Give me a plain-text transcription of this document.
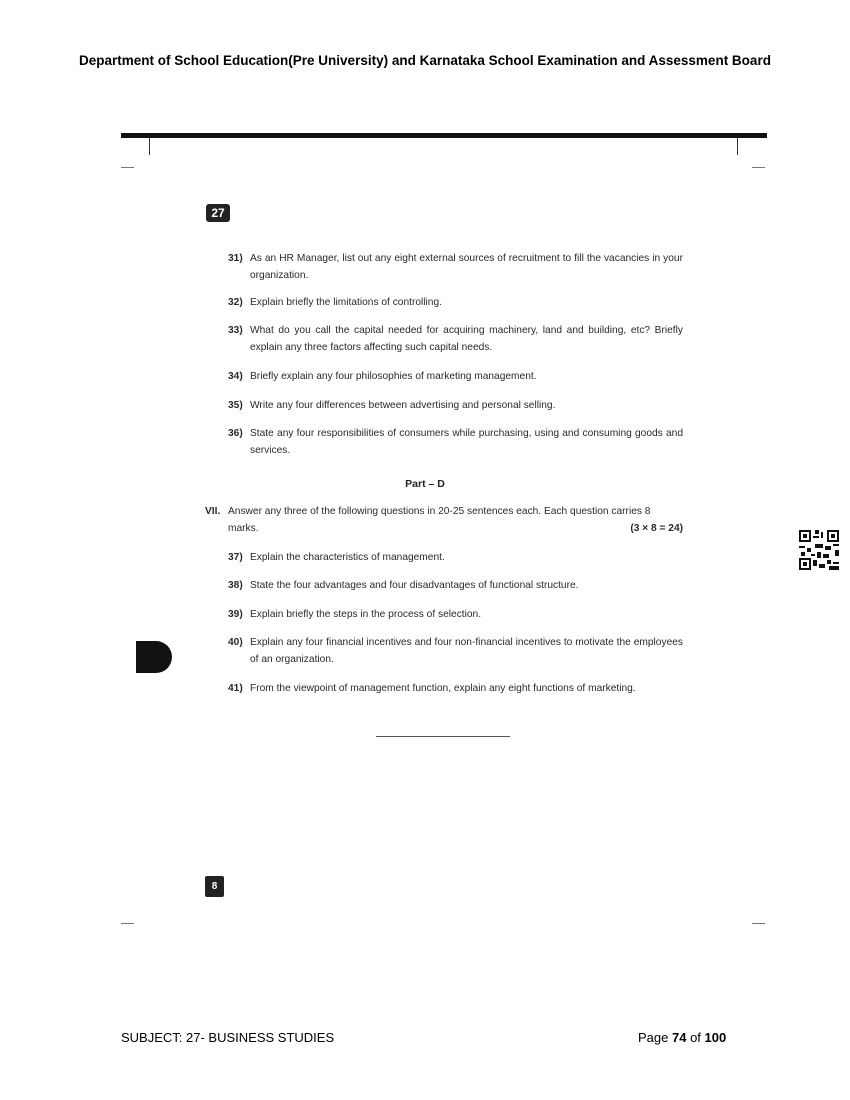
Department of School Education(Pre University) and Karnataka School Examination and Assessment Board
27
31) As an HR Manager, list out any eight external sources of recruitment to fill the vacancies in your organization.
32) Explain briefly the limitations of controlling.
33) What do you call the capital needed for acquiring machinery, land and building, etc? Briefly explain any three factors affecting such capital needs.
34) Briefly explain any four philosophies of marketing management.
35) Write any four differences between advertising and personal selling.
36) State any four responsibilities of consumers while purchasing, using and consuming goods and services.
Part – D
VII. Answer any three of the following questions in 20-25 sentences each. Each question carries 8 marks.	(3 × 8 = 24)
37) Explain the characteristics of management.
38) State the four advantages and four disadvantages of functional structure.
39) Explain briefly the steps in the process of selection.
40) Explain any four financial incentives and four non-financial incentives to motivate the employees of an organization.
41) From the viewpoint of management function, explain any eight functions of marketing.
8
SUBJECT: 27- BUSINESS STUDIES	Page 74 of 100
